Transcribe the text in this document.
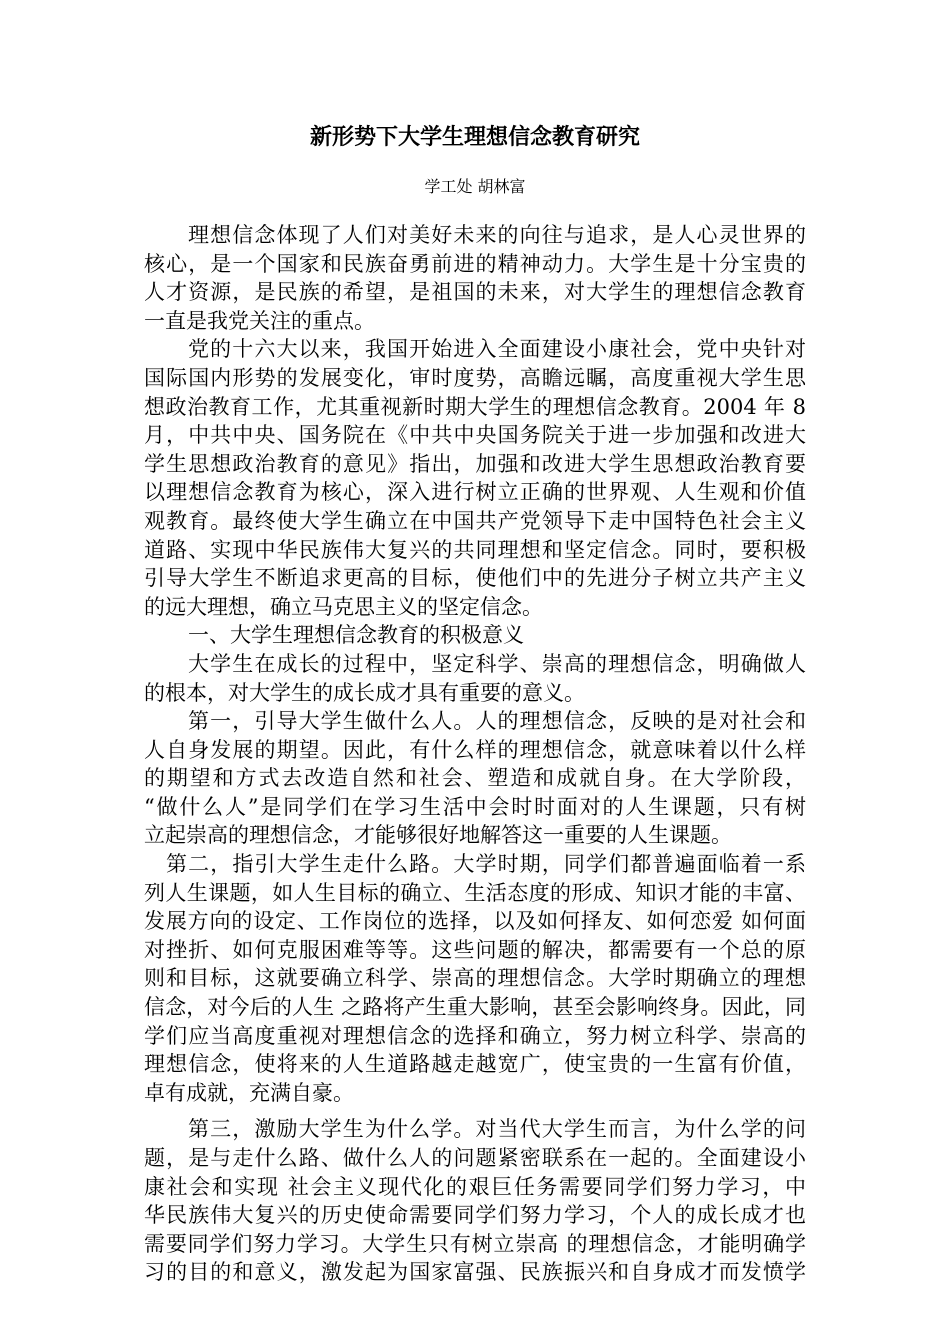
新形势下大学生理想信念教育研究
学工处 胡林富
理想信念体现了人们对美好未来的向往与追求，是人心灵世界的
核心，是一个国家和民族奋勇前进的精神动力。大学生是十分宝贵的
人才资源，是民族的希望，是祖国的未来，对大学生的理想信念教育
一直是我党关注的重点。
党的十六大以来，我国开始进入全面建设小康社会，党中央针对
国际国内形势的发展变化，审时度势，高瞻远瞩，高度重视大学生思
想政治教育工作，尤其重视新时期大学生的理想信念教育。2004 年 8
月，中共中央、国务院在《中共中央国务院关于进一步加强和改进大
学生思想政治教育的意见》指出，加强和改进大学生思想政治教育要
以理想信念教育为核心，深入进行树立正确的世界观、人生观和价值
观教育。最终使大学生确立在中国共产党领导下走中国特色社会主义
道路、实现中华民族伟大复兴的共同理想和坚定信念。同时，要积极
引导大学生不断追求更高的目标，使他们中的先进分子树立共产主义
的远大理想，确立马克思主义的坚定信念。
一、大学生理想信念教育的积极意义
大学生在成长的过程中，坚定科学、崇高的理想信念，明确做人
的根本，对大学生的成长成才具有重要的意义。
第一，引导大学生做什么人。人的理想信念，反映的是对社会和
人自身发展的期望。因此，有什么样的理想信念，就意味着以什么样
的期望和方式去改造自然和社会、塑造和成就自身。在大学阶段，
“做什么人”是同学们在学习生活中会时时面对的人生课题，只有树
立起崇高的理想信念，才能够很好地解答这一重要的人生课题。
第二，指引大学生走什么路。大学时期，同学们都普遍面临着一系
列人生课题，如人生目标的确立、生活态度的形成、知识才能的丰富、
发展方向的设定、工作岗位的选择，以及如何择友、如何恋爱 如何面
对挫折、如何克服困难等等。这些问题的解决，都需要有一个总的原
则和目标，这就要确立科学、崇高的理想信念。大学时期确立的理想
信念，对今后的人生 之路将产生重大影响，甚至会影响终身。因此，同
学们应当高度重视对理想信念的选择和确立，努力树立科学、崇高的
理想信念，使将来的人生道路越走越宽广，使宝贵的一生富有价值，
卓有成就，充满自豪。
第三，激励大学生为什么学。对当代大学生而言，为什么学的问
题，是与走什么路、做什么人的问题紧密联系在一起的。全面建设小
康社会和实现 社会主义现代化的艰巨任务需要同学们努力学习，中
华民族伟大复兴的历史使命需要同学们努力学习，个人的成长成才也
需要同学们努力学习。大学生只有树立崇高 的理想信念，才能明确学
习的目的和意义，激发起为国家富强、民族振兴和自身成才而发愤学
